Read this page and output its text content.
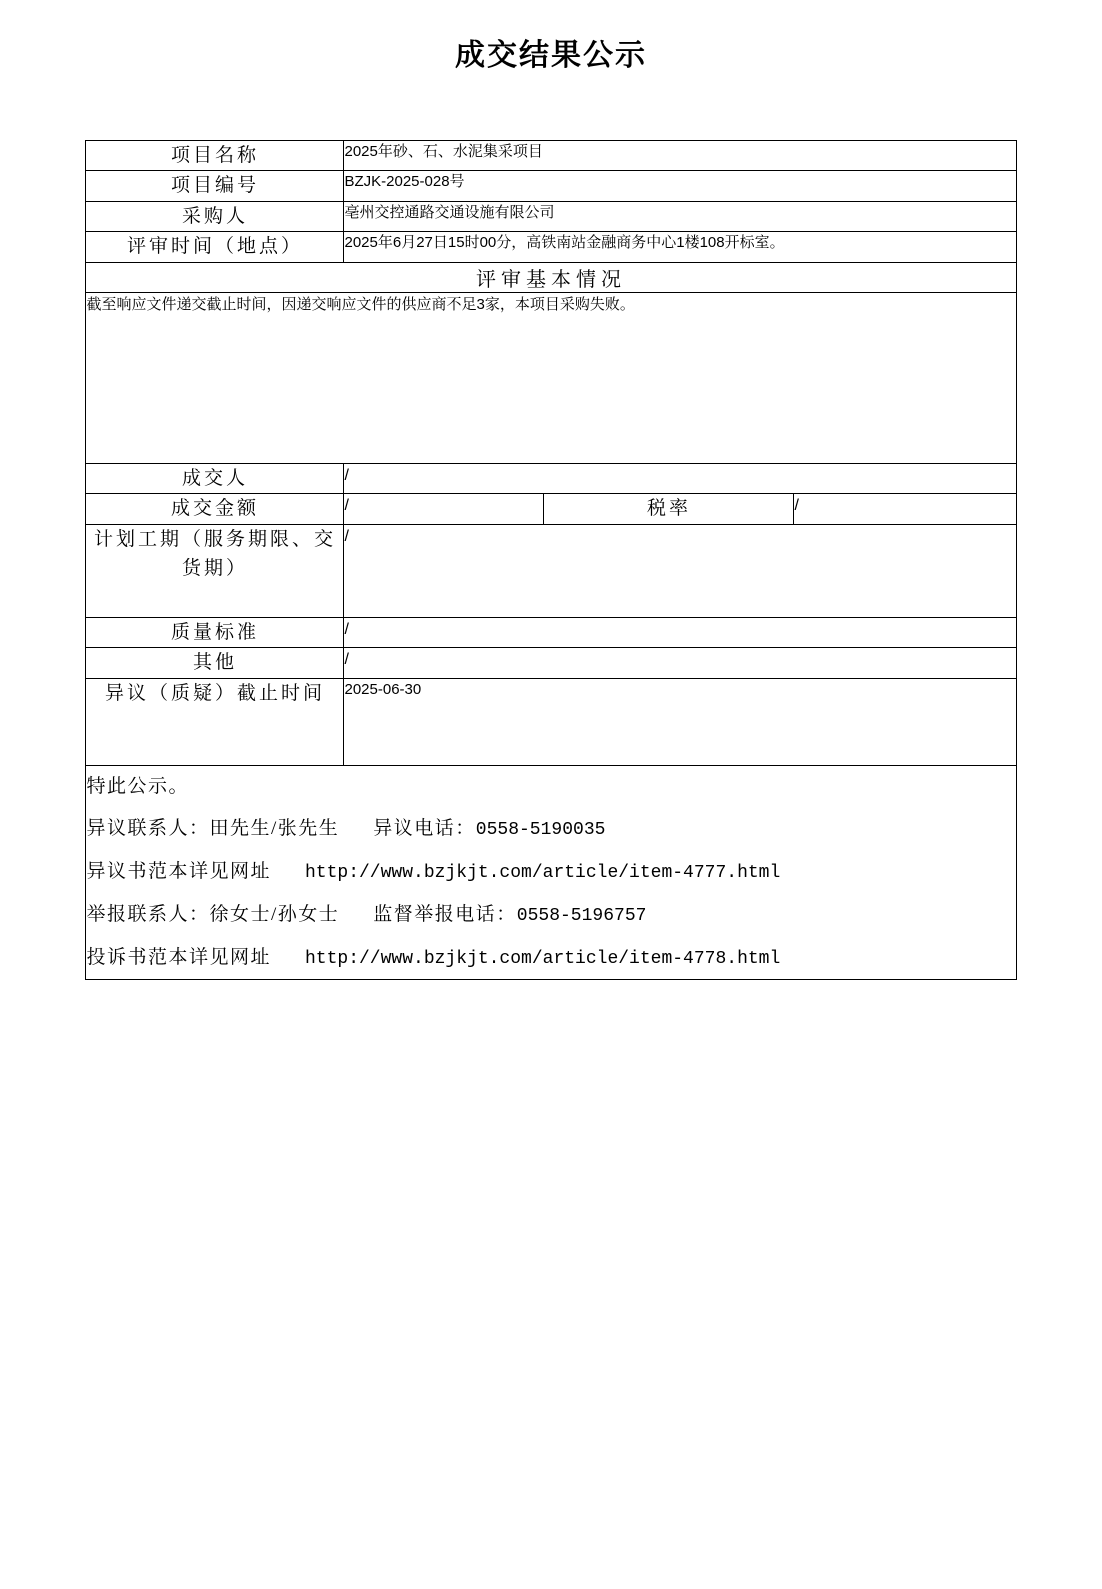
成交结果公示
项目名称	2025年砂、石、水泥集采项目		
项目编号	BZJK-2025-028号		
采购人	亳州交控通路交通设施有限公司		
评审时间（地点）	2025年6月27日15时00分，高铁南站金融商务中心1楼108开标室。		
评审基本情况			
截至响应文件递交截止时间，因递交响应文件的供应商不足3家，本项目采购失败。			
成交人	/		
成交金额	/	税率	/
计划工期（服务期限、交货期）	/		
质量标准	/		
其他	/		
异议（质疑）截止时间	2025-06-30		

特此公示。
异议联系人：田先生/张先生 异议电话：0558-5190035
异议书范本详见网址 http://www.bzjkjt.com/article/item-4777.html
举报联系人：徐女士/孙女士 监督举报电话：0558-5196757
投诉书范本详见网址 http://www.bzjkjt.com/article/item-4778.html			
